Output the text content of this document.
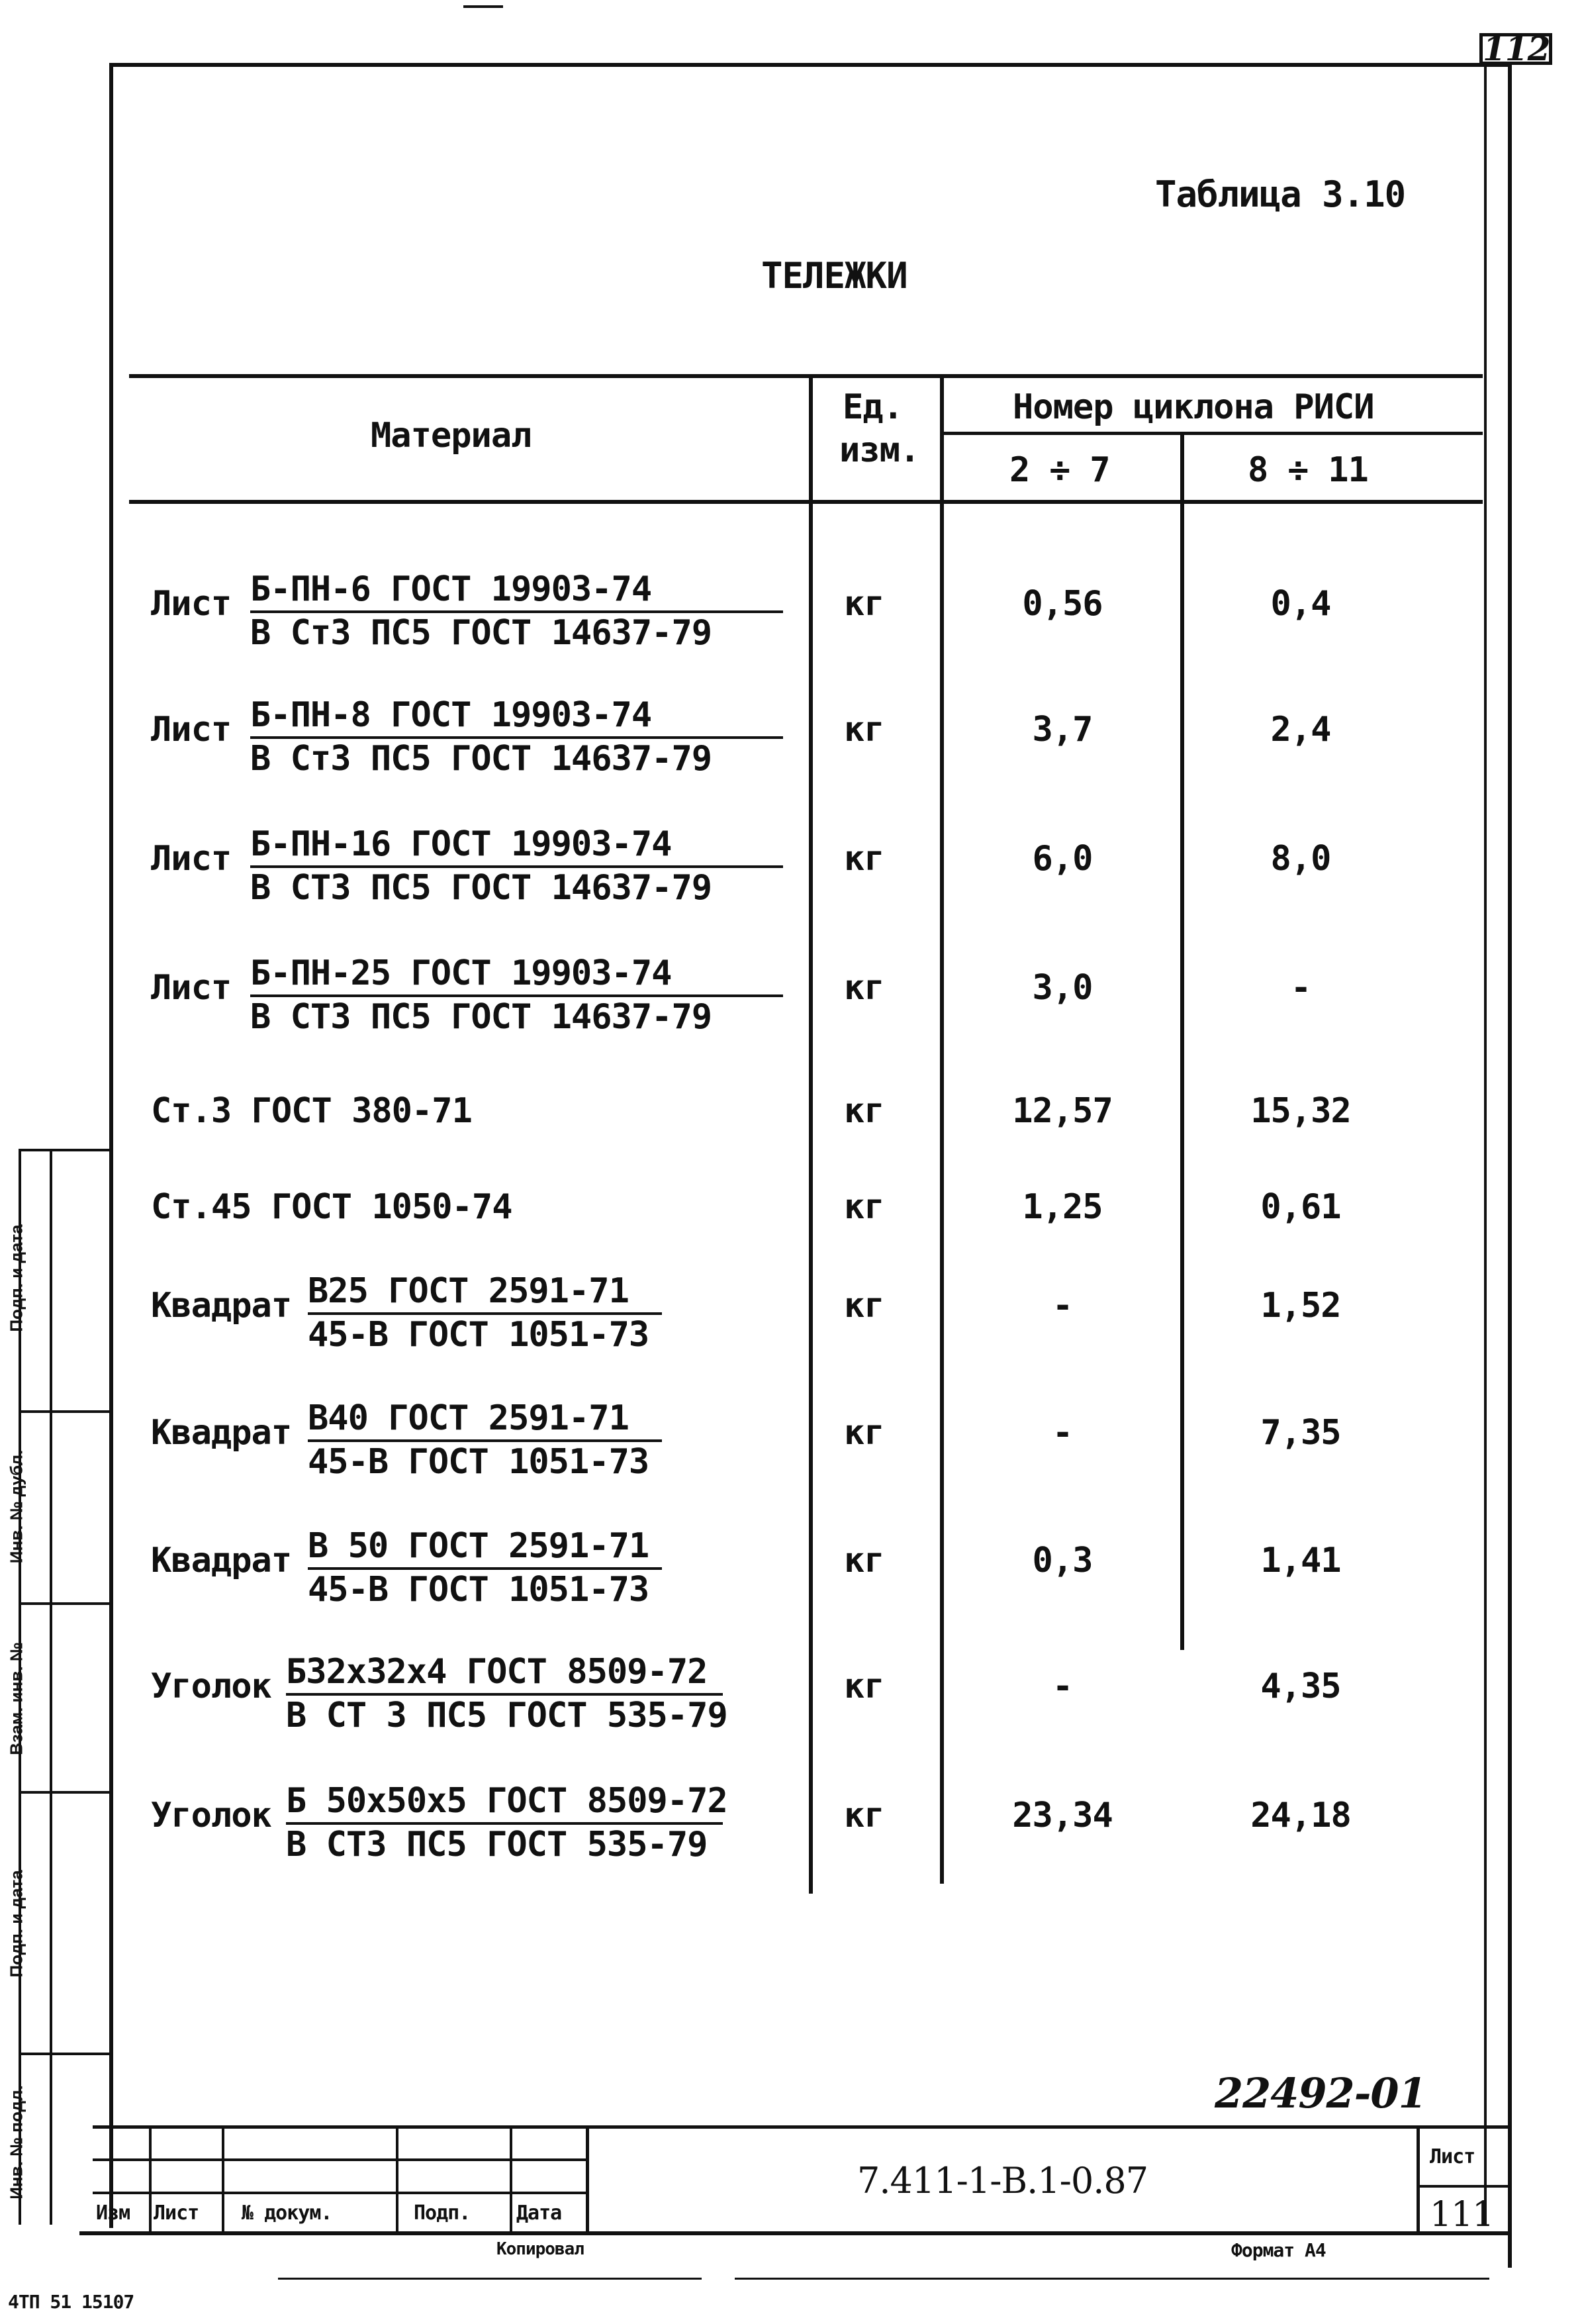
112
Таблица 3.10
ТЕЛЕЖКИ
Материал
Ед.
изм.
Номер циклона РИСИ
2 ÷ 7	8 ÷ 11
Лист Б-ПН-6 ГОСТ 19903-74
В Ст3 ПС5 ГОСТ 14637-79
кг	0,56	0,4
Лист Б-ПН-8 ГОСТ 19903-74
В Ст3 ПС5 ГОСТ 14637-79
кг	3,7	2,4
Лист Б-ПН-16 ГОСТ 19903-74
В СТ3 ПС5 ГОСТ 14637-79
кг	6,0	8,0
Лист Б-ПН-25 ГОСТ 19903-74
В СТ3 ПС5 ГОСТ 14637-79
кг	3,0	-
Ст.3 ГОСТ 380-71	кг	12,57	15,32
Ст.45 ГОСТ 1050-74	кг	1,25	0,61
Квадрат В25 ГОСТ 2591-71
45-В ГОСТ 1051-73
кг	-	1,52
Квадрат В40 ГОСТ 2591-71
45-В ГОСТ 1051-73
кг	-	7,35
Квадрат В 50 ГОСТ 2591-71
45-В ГОСТ 1051-73
кг	0,3	1,41
Уголок Б32х32х4 ГОСТ 8509-72
В СТ 3 ПС5 ГОСТ 535-79
кг	-	4,35
Уголок Б 50х50х5 ГОСТ 8509-72
В СТ3 ПС5 ГОСТ 535-79
кг	23,34	24,18
Подп. и дата
Инв. № дубл.
Взам. инв. №
Подп. и дата
Инв. № подл.	22492-01
Изм Лист № докум.	Подп. Дата
7.411-1-В.1-0.87
Лист
111
Копировал	Формат А4
4ТП 51 15107
